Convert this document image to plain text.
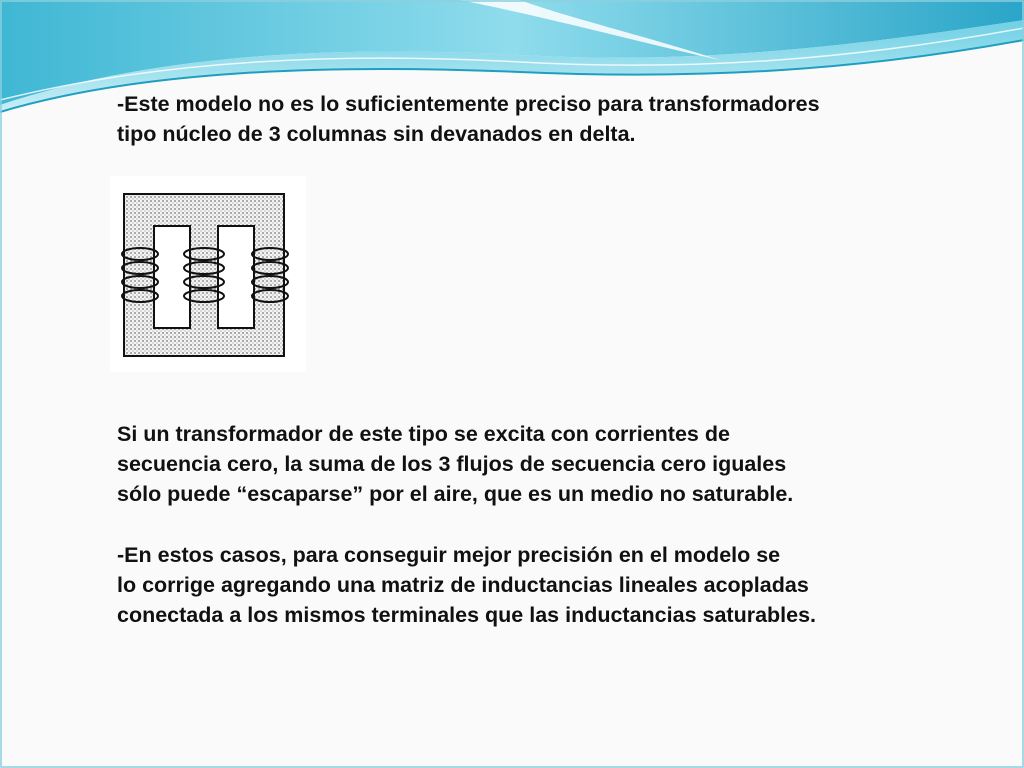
-Este modelo no es lo suficientemente preciso para transformadores
tipo núcleo de 3 columnas sin devanados en delta.
Si un transformador de este tipo se excita con corrientes de
secuencia cero, la suma de los 3 flujos de secuencia cero iguales
sólo puede “escaparse” por el aire, que es un medio no saturable.
-En estos casos, para conseguir mejor precisión en el modelo se
lo corrige agregando una matriz de inductancias lineales acopladas
conectada a los mismos terminales que las inductancias saturables.
